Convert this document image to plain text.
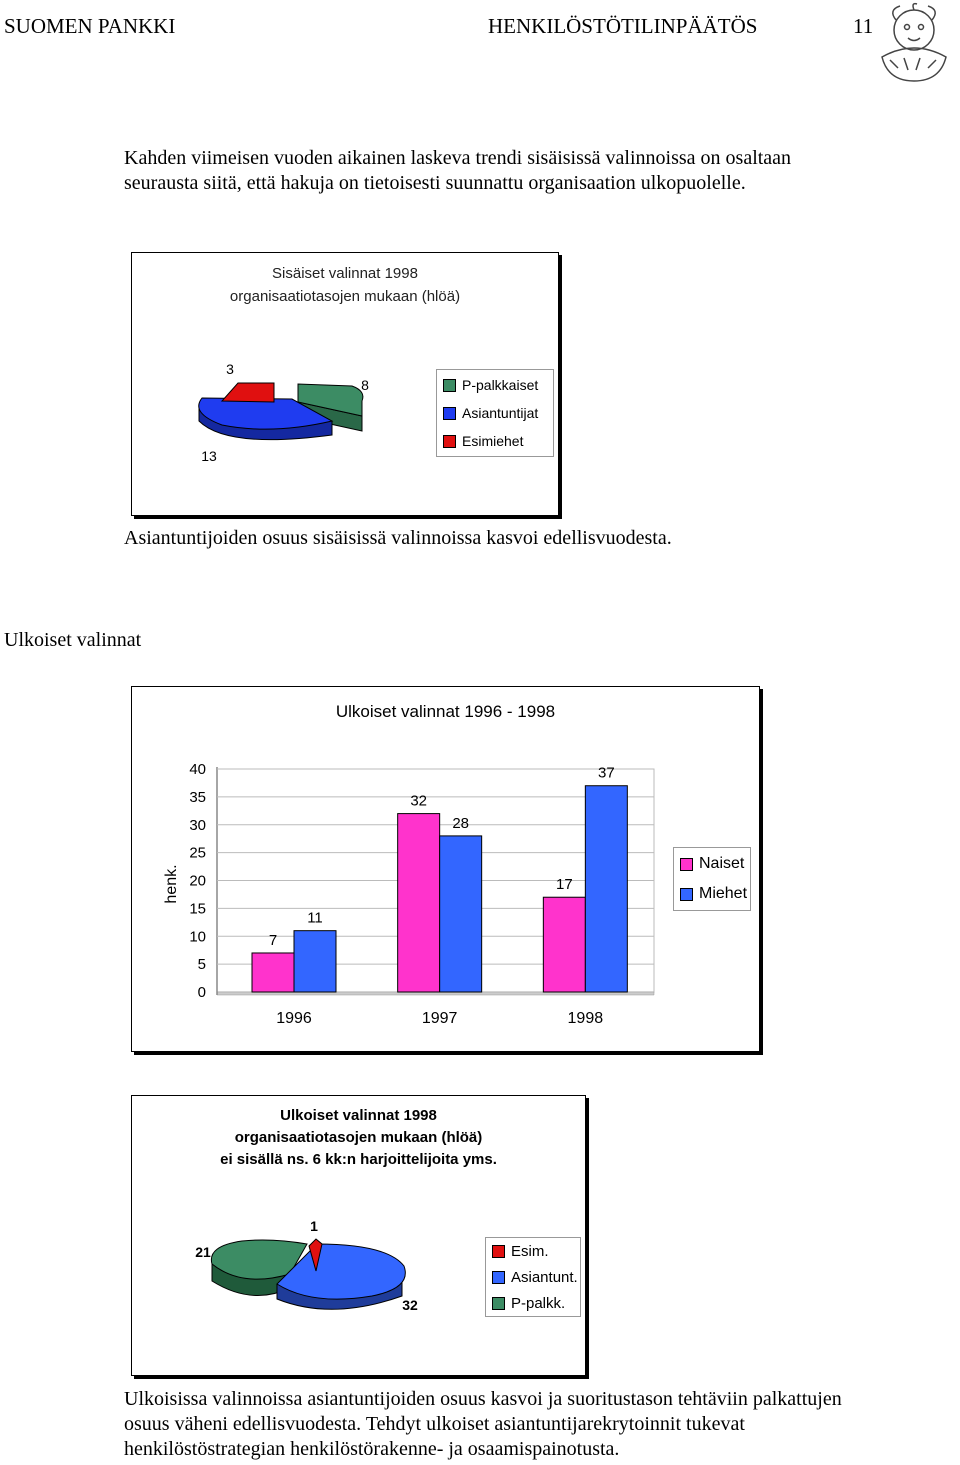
SUOMEN PANKKI	HENKILÖSTÖTILINPÄÄTÖS	11
Kahden viimeisen vuoden aikainen laskeva trendi sisäisissä valinnoissa on osaltaan
seurausta siitä, että hakuja on tietoisesti suunnattu organisaation ulkopuolelle.
Sisäiset valinnat 1998
organisaatiotasojen mukaan (hlöä)
3
8
13
P-palkkaiset
Asiantuntijat
Esimiehet
Asiantuntijoiden osuus sisäisissä valinnoissa kasvoi edellisvuodesta.
Ulkoiset valinnat
Ulkoiset valinnat 1996 - 1998
0
5
10
15
20
25
30
35
40
7
11
1996
32
28
1997
17
37
1998
henk.
Naiset
Miehet
Ulkoiset valinnat 1998
organisaatiotasojen mukaan (hlöä)
ei sisällä ns. 6 kk:n harjoittelijoita yms.
1
21
32
Esim.
Asiantunt.
P-palkk.
Ulkoisissa valinnoissa asiantuntijoiden osuus kasvoi ja suoritustason tehtäviin palkattujen
osuus väheni edellisvuodesta. Tehdyt ulkoiset asiantuntijarekrytoinnit tukevat
henkilöstöstrategian henkilöstörakenne- ja osaamispainotusta.
